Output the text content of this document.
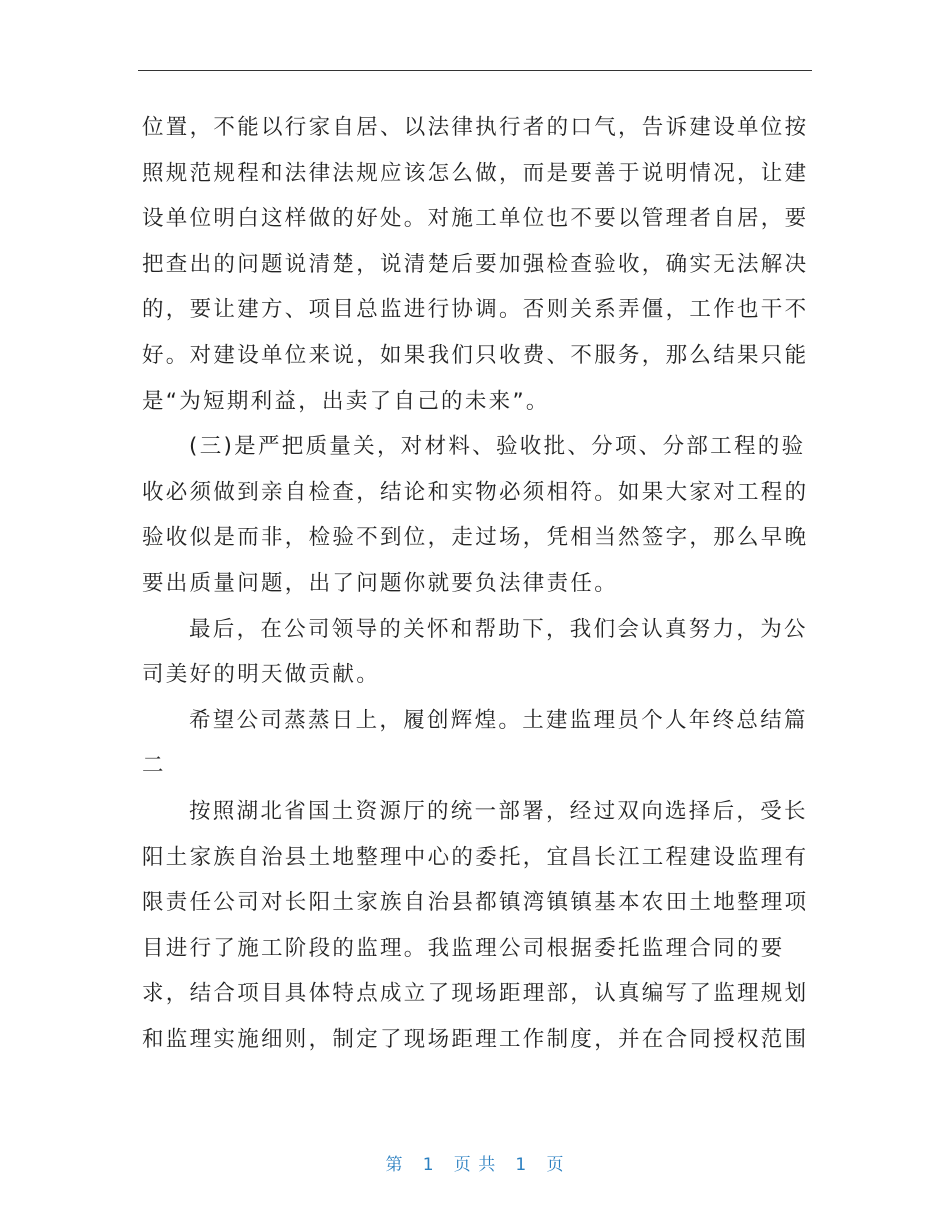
位置，不能以行家自居、以法律执行者的口气，告诉建设单位按
照规范规程和法律法规应该怎么做，而是要善于说明情况，让建
设单位明白这样做的好处。对施工单位也不要以管理者自居，要
把查出的问题说清楚，说清楚后要加强检查验收，确实无法解决
的，要让建方、项目总监进行协调。否则关系弄僵，工作也干不
好。对建设单位来说，如果我们只收费、不服务，那么结果只能
是“为短期利益，出卖了自己的未来”。
(三)是严把质量关，对材料、验收批、分项、分部工程的验
收必须做到亲自检查，结论和实物必须相符。如果大家对工程的
验收似是而非，检验不到位，走过场，凭相当然签字，那么早晚
要出质量问题，出了问题你就要负法律责任。
最后，在公司领导的关怀和帮助下，我们会认真努力，为公
司美好的明天做贡献。
希望公司蒸蒸日上，履创辉煌。土建监理员个人年终总结篇
二
按照湖北省国土资源厅的统一部署，经过双向选择后，受长
阳土家族自治县土地整理中心的委托，宜昌长江工程建设监理有
限责任公司对长阳土家族自治县都镇湾镇镇基本农田土地整理项
目进行了施工阶段的监理。我监理公司根据委托监理合同的要
求，结合项目具体特点成立了现场距理部，认真编写了监理规划
和监理实施细则，制定了现场距理工作制度，并在合同授权范围
第 1 页 共 1 页
